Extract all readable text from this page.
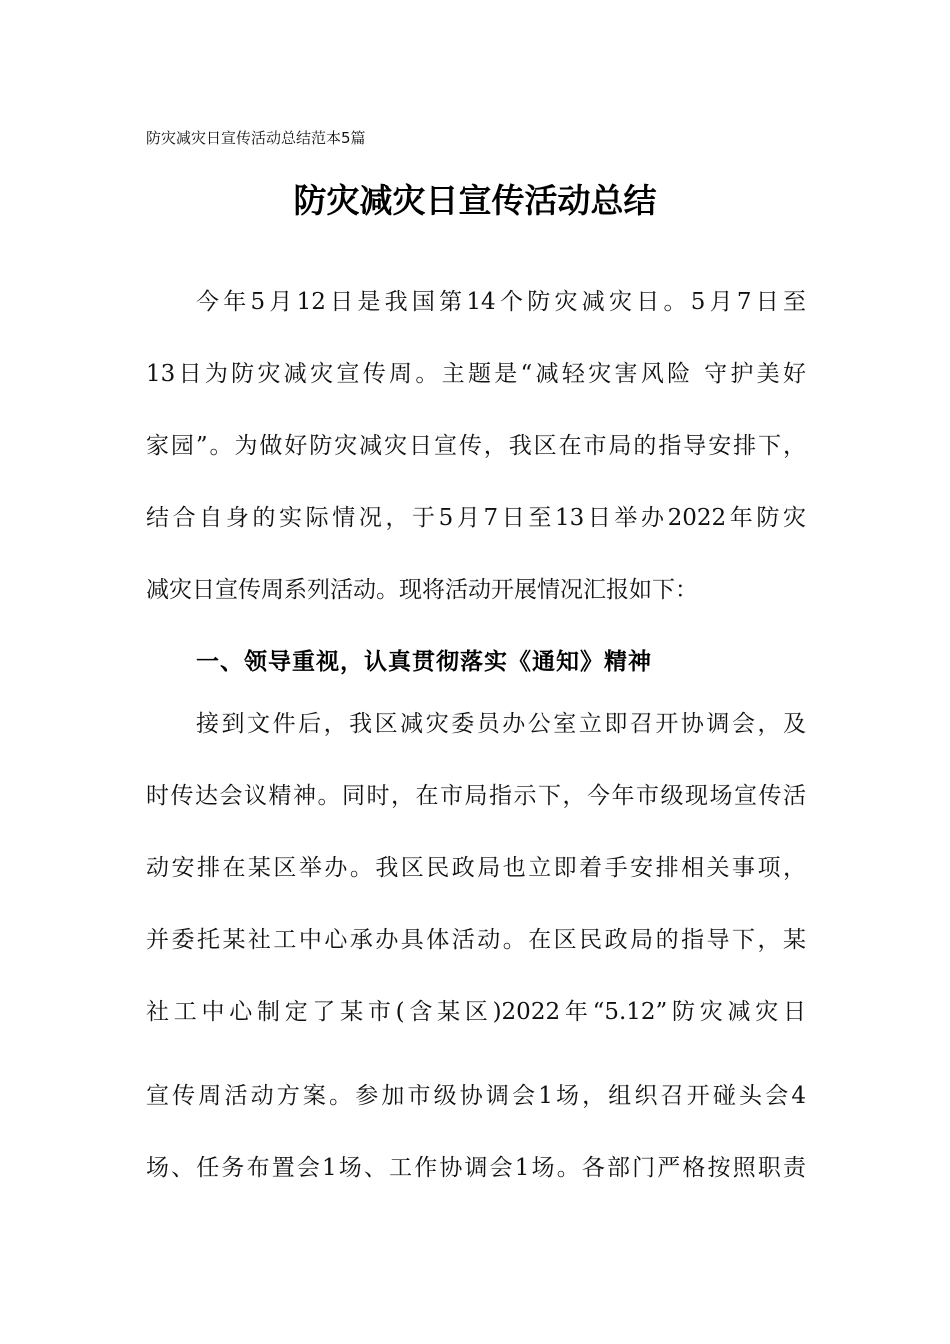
防灾减灾日宣传活动总结范本5篇
防灾减灾日宣传活动总结
今年5月12日是我国第14个防灾减灾日。5月7日至
13日为防灾减灾宣传周。主题是“减轻灾害风险 守护美好
家园”。为做好防灾减灾日宣传，我区在市局的指导安排下，
结合自身的实际情况，于5月7日至13日举办2022年防灾
减灾日宣传周系列活动。现将活动开展情况汇报如下：
一、领导重视，认真贯彻落实《通知》精神
接到文件后，我区减灾委员办公室立即召开协调会，及
时传达会议精神。同时，在市局指示下，今年市级现场宣传活
动安排在某区举办。我区民政局也立即着手安排相关事项，
并委托某社工中心承办具体活动。在区民政局的指导下，某
社工中心制定了某市(含某区)2022年“5.12”防灾减灾日
宣传周活动方案。参加市级协调会1场，组织召开碰头会4
场、任务布置会1场、工作协调会1场。各部门严格按照职责
